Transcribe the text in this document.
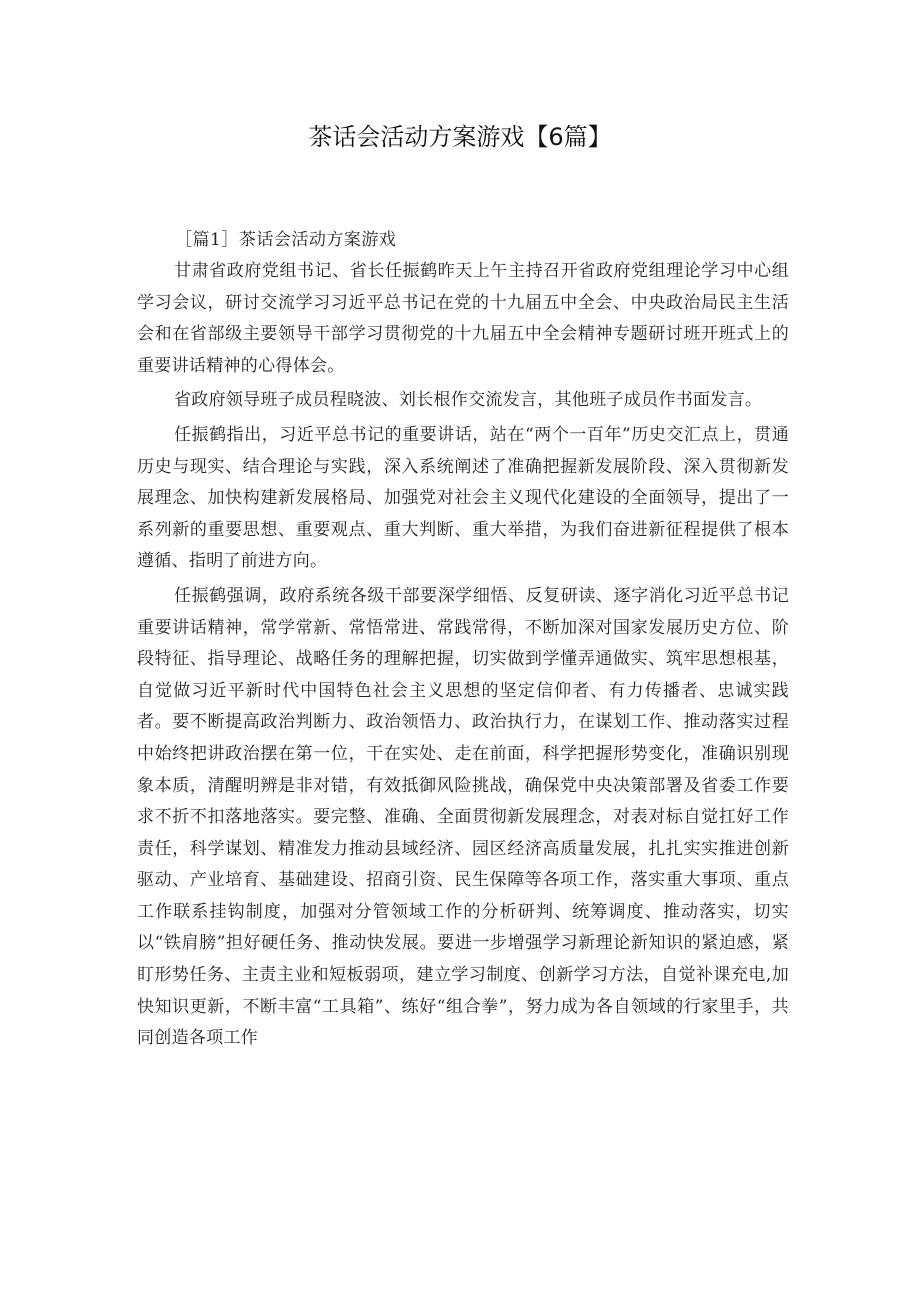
茶话会活动方案游戏【6篇】

［篇1］茶话会活动方案游戏

甘肃省政府党组书记、省长任振鹤昨天上午主持召开省政府党组理论学习中心组学习会议，研讨交流学习习近平总书记在党的十九届五中全会、中央政治局民主生活会和在省部级主要领导干部学习贯彻党的十九届五中全会精神专题研讨班开班式上的重要讲话精神的心得体会。

省政府领导班子成员程晓波、刘长根作交流发言，其他班子成员作书面发言。

任振鹤指出，习近平总书记的重要讲话，站在“两个一百年”历史交汇点上，贯通历史与现实、结合理论与实践，深入系统阐述了准确把握新发展阶段、深入贯彻新发展理念、加快构建新发展格局、加强党对社会主义现代化建设的全面领导，提出了一系列新的重要思想、重要观点、重大判断、重大举措，为我们奋进新征程提供了根本遵循、指明了前进方向。

任振鹤强调，政府系统各级干部要深学细悟、反复研读、逐字消化习近平总书记重要讲话精神，常学常新、常悟常进、常践常得，不断加深对国家发展历史方位、阶段特征、指导理论、战略任务的理解把握，切实做到学懂弄通做实、筑牢思想根基，自觉做习近平新时代中国特色社会主义思想的坚定信仰者、有力传播者、忠诚实践者。要不断提高政治判断力、政治领悟力、政治执行力，在谋划工作、推动落实过程中始终把讲政治摆在第一位，干在实处、走在前面，科学把握形势变化，准确识别现象本质，清醒明辨是非对错，有效抵御风险挑战，确保党中央决策部署及省委工作要求不折不扣落地落实。要完整、准确、全面贯彻新发展理念，对表对标自觉扛好工作责任，科学谋划、精准发力推动县域经济、园区经济高质量发展，扎扎实实推进创新驱动、产业培育、基础建设、招商引资、民生保障等各项工作，落实重大事项、重点工作联系挂钩制度，加强对分管领域工作的分析研判、统筹调度、推动落实，切实以“铁肩膀”担好硬任务、推动快发展。要进一步增强学习新理论新知识的紧迫感，紧盯形势任务、主责主业和短板弱项，建立学习制度、创新学习方法，自觉补课充电,加快知识更新，不断丰富“工具箱”、练好“组合拳”，努力成为各自领域的行家里手，共同创造各项工作
